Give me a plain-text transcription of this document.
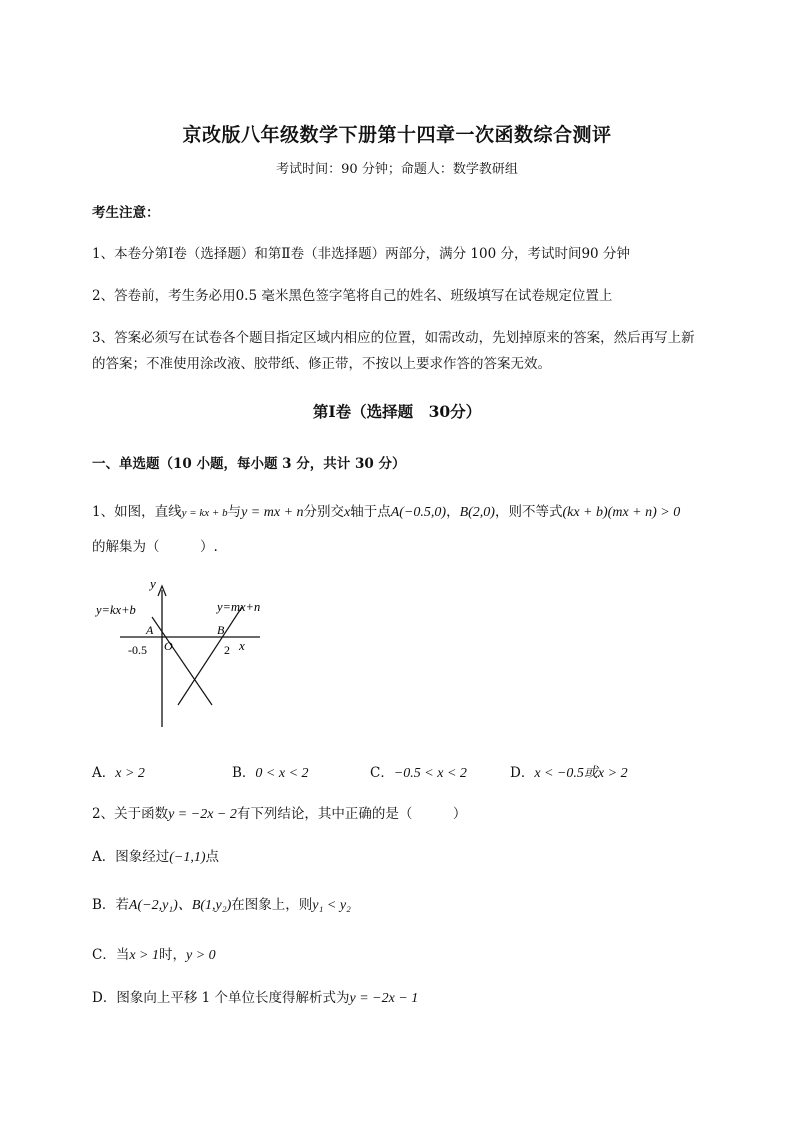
京改版八年级数学下册第十四章一次函数综合测评
考试时间：90 分钟；命题人：数学教研组
考生注意：
1、本卷分第Ⅰ卷（选择题）和第Ⅱ卷（非选择题）两部分，满分 100 分，考试时间90 分钟
2、答卷前，考生务必用0.5 毫米黑色签字笔将自己的姓名、班级填写在试卷规定位置上
3、答案必须写在试卷各个题目指定区域内相应的位置，如需改动，先划掉原来的答案，然后再写上新
的答案；不准使用涂改液、胶带纸、修正带，不按以上要求作答的答案无效。
第Ⅰ卷（选择题　30分）
一、单选题（10 小题，每小题 3 分，共计 30 分）
1、如图，直线y = kx + b与y = mx + n分别交x轴于点A(−0.5,0)，B(2,0)，则不等式(kx + b)(mx + n) > 0
的解集为（　　　）.
y
x
y=kx+b	y=mx+n
A	B
O
-0.5	2
A．x > 2	B．0 < x < 2	C．−0.5 < x < 2	D．x < −0.5或x > 2
2、关于函数y = −2x − 2有下列结论，其中正确的是（　　　）
A．图象经过(−1,1)点
B．若A(−2,y₁)、B(1,y₂)在图象上，则y₁ < y₂
C．当x > 1时，y > 0
D．图象向上平移 1 个单位长度得解析式为y = −2x − 1
